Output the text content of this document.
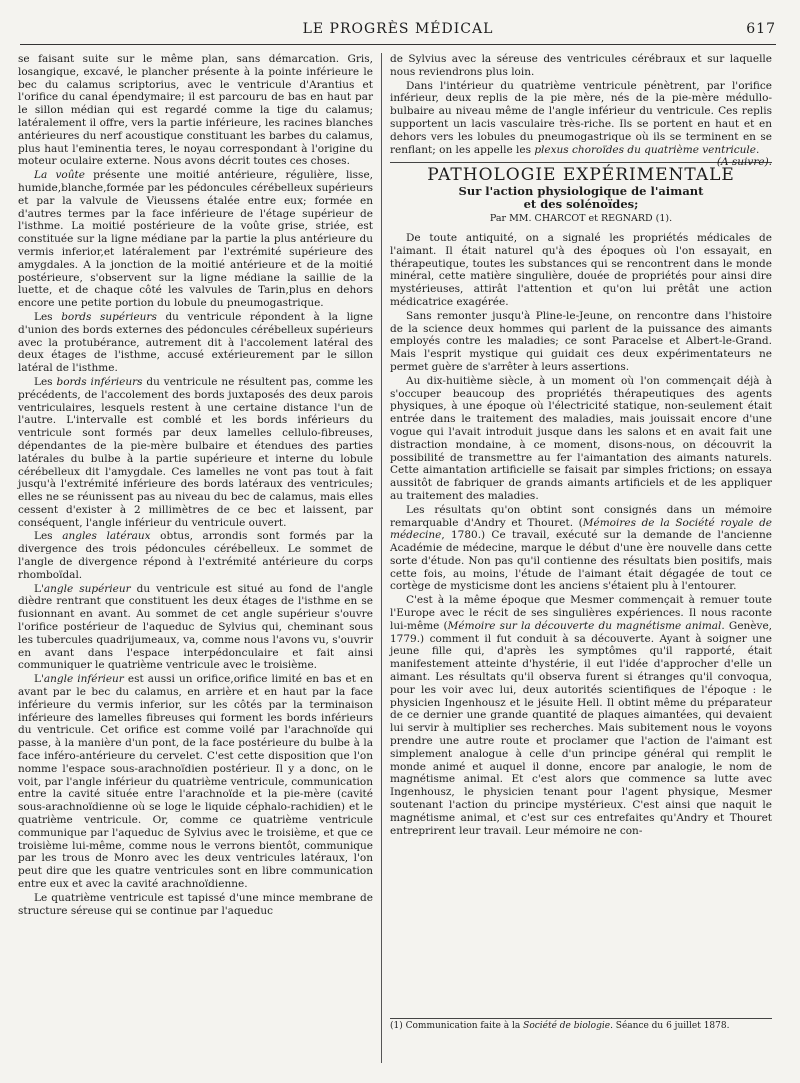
LE PROGRÈS MÉDICAL	617

se faisant suite sur le même plan, sans démarcation. Gris, losangique, excavé, le plancher présente à la pointe inférieure le bec du calamus scriptorius, avec le ventricule d'Arantius et l'orifice du canal épendymaire; il est parcouru de bas en haut par le sillon médian qui est regardé comme la tige du calamus; latéralement il offre, vers la partie inférieure, les racines blanches antérieures du nerf acoustique constituant les barbes du calamus, plus haut l'eminentia teres, le noyau correspondant à l'origine du moteur oculaire externe. Nous avons décrit toutes ces choses.

La voûte présente une moitié antérieure, régulière, lisse, humide,blanche,formée par les pédoncules cérébelleux supérieurs et par la valvule de Vieussens étalée entre eux; formée en d'autres termes par la face inférieure de l'étage supérieur de l'isthme. La moitié postérieure de la voûte grise, striée, est constituée sur la ligne médiane par la partie la plus antérieure du vermis inferior,et latéralement par l'extrémité supérieure des amygdales. A la jonction de la moitié antérieure et de la moitié postérieure, s'observent sur la ligne médiane la saillie de la luette, et de chaque côté les valvules de Tarin,plus en dehors encore une petite portion du lobule du pneumogastrique.

Les bords supérieurs du ventricule répondent à la ligne d'union des bords externes des pédoncules cérébelleux supérieurs avec la protubérance, autrement dit à l'accolement latéral des deux étages de l'isthme, accusé extérieurement par le sillon latéral de l'isthme.

Les bords inférieurs du ventricule ne résultent pas, comme les précédents, de l'accolement des bords juxtaposés des deux parois ventriculaires, lesquels restent à une certaine distance l'un de l'autre. L'intervalle est comblé et les bords inférieurs du ventricule sont formés par deux lamelles cellulo-fibreuses, dépendantes de la pie-mère bulbaire et étendues des parties latérales du bulbe à la partie supérieure et interne du lobule cérébelleux dit l'amygdale. Ces lamelles ne vont pas tout à fait jusqu'à l'extrémité inférieure des bords latéraux des ventricules; elles ne se réunissent pas au niveau du bec de calamus, mais elles cessent d'exister à 2 millimètres de ce bec et laissent, par conséquent, l'angle inférieur du ventricule ouvert.

Les angles latéraux obtus, arrondis sont formés par la divergence des trois pédoncules cérébelleux. Le sommet de l'angle de divergence répond à l'extrémité antérieure du corps rhomboïdal.

L'angle supérieur du ventricule est situé au fond de l'angle dièdre rentrant que constituent les deux étages de l'isthme en se fusionnant en avant. Au sommet de cet angle supérieur s'ouvre l'orifice postérieur de l'aqueduc de Sylvius qui, cheminant sous les tubercules quadrijumeaux, va, comme nous l'avons vu, s'ouvrir en avant dans l'espace interpédonculaire et fait ainsi communiquer le quatrième ventricule avec le troisième.

L'angle inférieur est aussi un orifice,orifice limité en bas et en avant par le bec du calamus, en arrière et en haut par la face inférieure du vermis inferior, sur les côtés par la terminaison inférieure des lamelles fibreuses qui forment les bords inférieurs du ventricule. Cet orifice est comme voilé par l'arachnoïde qui passe, à la manière d'un pont, de la face postérieure du bulbe à la face inféro-antérieure du cervelet. C'est cette disposition que l'on nomme l'espace sous-arachnoïdien postérieur. Il y a donc, on le voit, par l'angle inférieur du quatrième ventricule, communication entre la cavité située entre l'arachnoïde et la pie-mère (cavité sous-arachnoïdienne où se loge le liquide céphalo-rachidien) et le quatrième ventricule. Or, comme ce quatrième ventricule communique par l'aqueduc de Sylvius avec le troisième, et que ce troisième lui-même, comme nous le verrons bientôt, communique par les trous de Monro avec les deux ventricules latéraux, l'on peut dire que les quatre ventricules sont en libre communication entre eux et avec la cavité arachnoïdienne.

Le quatrième ventricule est tapissé d'une mince membrane de structure séreuse qui se continue par l'aqueduc

de Sylvius avec la séreuse des ventricules cérébraux et sur laquelle nous reviendrons plus loin.

Dans l'intérieur du quatrième ventricule pénètrent, par l'orifice inférieur, deux replis de la pie mère, nés de la pie-mère médullo-bulbaire au niveau même de l'angle inférieur du ventricule. Ces replis supportent un lacis vasculaire très-riche. Ils se portent en haut et en dehors vers les lobules du pneumogastrique où ils se terminent en se renflant; on les appelle les plexus choroïdes du quatrième ventricule.
(A suivre).

PATHOLOGIE EXPÉRIMENTALE
Sur l'action physiologique de l'aimant
et des solénoïdes;
Par MM. CHARCOT et REGNARD (1).

De toute antiquité, on a signalé les propriétés médicales de l'aimant. Il était naturel qu'à des époques où l'on essayait, en thérapeutique, toutes les substances qui se rencontrent dans le monde minéral, cette matière singulière, douée de propriétés pour ainsi dire mystérieuses, attirât l'attention et qu'on lui prêtât une action médicatrice exagérée.

Sans remonter jusqu'à Pline-le-Jeune, on rencontre dans l'histoire de la science deux hommes qui parlent de la puissance des aimants employés contre les maladies; ce sont Paracelse et Albert-le-Grand. Mais l'esprit mystique qui guidait ces deux expérimentateurs ne permet guère de s'arrêter à leurs assertions.

Au dix-huitième siècle, à un moment où l'on commençait déjà à s'occuper beaucoup des propriétés thérapeutiques des agents physiques, à une époque où l'électricité statique, non-seulement était entrée dans le traitement des maladies, mais jouissait encore d'une vogue qui l'avait introduit jusque dans les salons et en avait fait une distraction mondaine, à ce moment, disons-nous, on découvrit la possibilité de transmettre au fer l'aimantation des aimants naturels. Cette aimantation artificielle se faisait par simples frictions; on essaya aussitôt de fabriquer de grands aimants artificiels et de les appliquer au traitement des maladies.

Les résultats qu'on obtint sont consignés dans un mémoire remarquable d'Andry et Thouret. (Mémoires de la Société royale de médecine, 1780.) Ce travail, exécuté sur la demande de l'ancienne Académie de médecine, marque le début d'une ère nouvelle dans cette sorte d'étude. Non pas qu'il contienne des résultats bien positifs, mais cette fois, au moins, l'étude de l'aimant était dégagée de tout ce cortège de mysticisme dont les anciens s'étaient plu à l'entourer.

C'est à la même époque que Mesmer commençait à remuer toute l'Europe avec le récit de ses singulières expériences. Il nous raconte lui-même (Mémoire sur la découverte du magnétisme animal. Genève, 1779.) comment il fut conduit à sa découverte. Ayant à soigner une jeune fille qui, d'après les symptômes qu'il rapporté, était manifestement atteinte d'hystérie, il eut l'idée d'approcher d'elle un aimant. Les résultats qu'il observa furent si étranges qu'il convoqua, pour les voir avec lui, deux autorités scientifiques de l'époque : le physicien Ingenhousz et le jésuite Hell. Il obtint même du préparateur de ce dernier une grande quantité de plaques aimantées, qui devaient lui servir à multiplier ses recherches. Mais subitement nous le voyons prendre une autre route et proclamer que l'action de l'aimant est simplement analogue à celle d'un principe général qui remplit le monde animé et auquel il donne, encore par analogie, le nom de magnétisme animal. Et c'est alors que commence sa lutte avec Ingenhousz, le physicien tenant pour l'agent physique, Mesmer soutenant l'action du principe mystérieux. C'est ainsi que naquit le magnétisme animal, et c'est sur ces entrefaites qu'Andry et Thouret entreprirent leur travail. Leur mémoire ne con-

(1) Communication faite à la Société de biologie. Séance du 6 juillet 1878.
